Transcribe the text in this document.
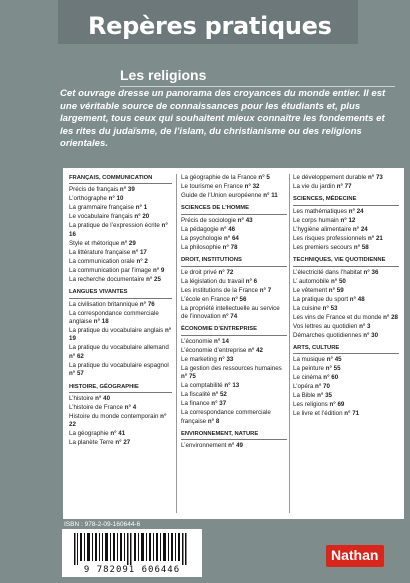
Repères pratiques
Les religions
Cet ouvrage dresse un panorama des croyances du monde entier. Il est une véritable source de connaissances pour les étudiants et, plus largement, tous ceux qui souhaitent mieux connaître les fondements et les rites du judaïsme, de l’islam, du christianisme ou des religions orientales.
FRANÇAIS, COMMUNICATION
Précis de français n° 39
L’orthographe n° 10
La grammaire française n° 1
Le vocabulaire français n° 20
La pratique de l’expression écrite n° 16
Style et rhétorique n° 29
La littérature française n° 17
La communication orale n° 2
La communication par l’image n° 9
La recherche documentaire n° 25
LANGUES VIVANTES
La civilisation britannique n° 76
La correspondance commerciale anglaise n° 18
La pratique du vocabulaire anglais n° 19
La pratique du vocabulaire allemand n° 62
La pratique du vocabulaire espagnol n° 57
HISTOIRE, GÉOGRAPHIE
L’histoire n° 40
L’histoire de France n° 4
Histoire du monde contemporain n° 22
La géographie n° 41
La planète Terre n° 27
La géographie de la France n° 5
Le tourisme en France n° 32
Guide de l’Union européenne n° 11
SCIENCES DE L’HOMME
Précis de sociologie n° 43
La pédagogie n° 46
La psychologie n° 64
La philosophie n° 78
DROIT, INSTITUTIONS
Le droit privé n° 72
La législation du travail n° 6
Les institutions de la France n° 7
L’école en France n° 56
La propriété intellectuelle au service de l’innovation n° 74
ÉCONOMIE D’ENTREPRISE
L’économie n° 14
L’économie d’entreprise n° 42
Le marketing n° 33
La gestion des ressources humaines n° 75
La comptabilité n° 13
La fiscalité n° 52
La finance n° 37
La correspondance commerciale française n° 8
ENVIRONNEMENT, NATURE
L’environnement n° 49
Le développement durable n° 73
La vie du jardin n° 77
SCIENCES, MÉDECINE
Les mathématiques n° 24
Le corps humain n° 12
L’hygiène alimentaire n° 24
Les risques professionnels n° 21
Les premiers secours n° 58
TECHNIQUES, VIE QUOTIDIENNE
L’électricité dans l’habitat n° 36
L’ automobile n° 50
Le vêtement n° 59
La pratique du sport n° 48
La cuisine n° 53
Les vins de France et du monde n° 28
Vos lettres au quotidien n° 3
Démarches quotidiennes n° 30
ARTS, CULTURE
La musique n° 45
La peinture n° 55
Le cinéma n° 60
L’opéra n° 70
La Bible n° 35
Les religions n° 69
Le livre et l’édition n° 71
ISBN : 978-2-09-160644-6
9 782091 606446
Nathan
